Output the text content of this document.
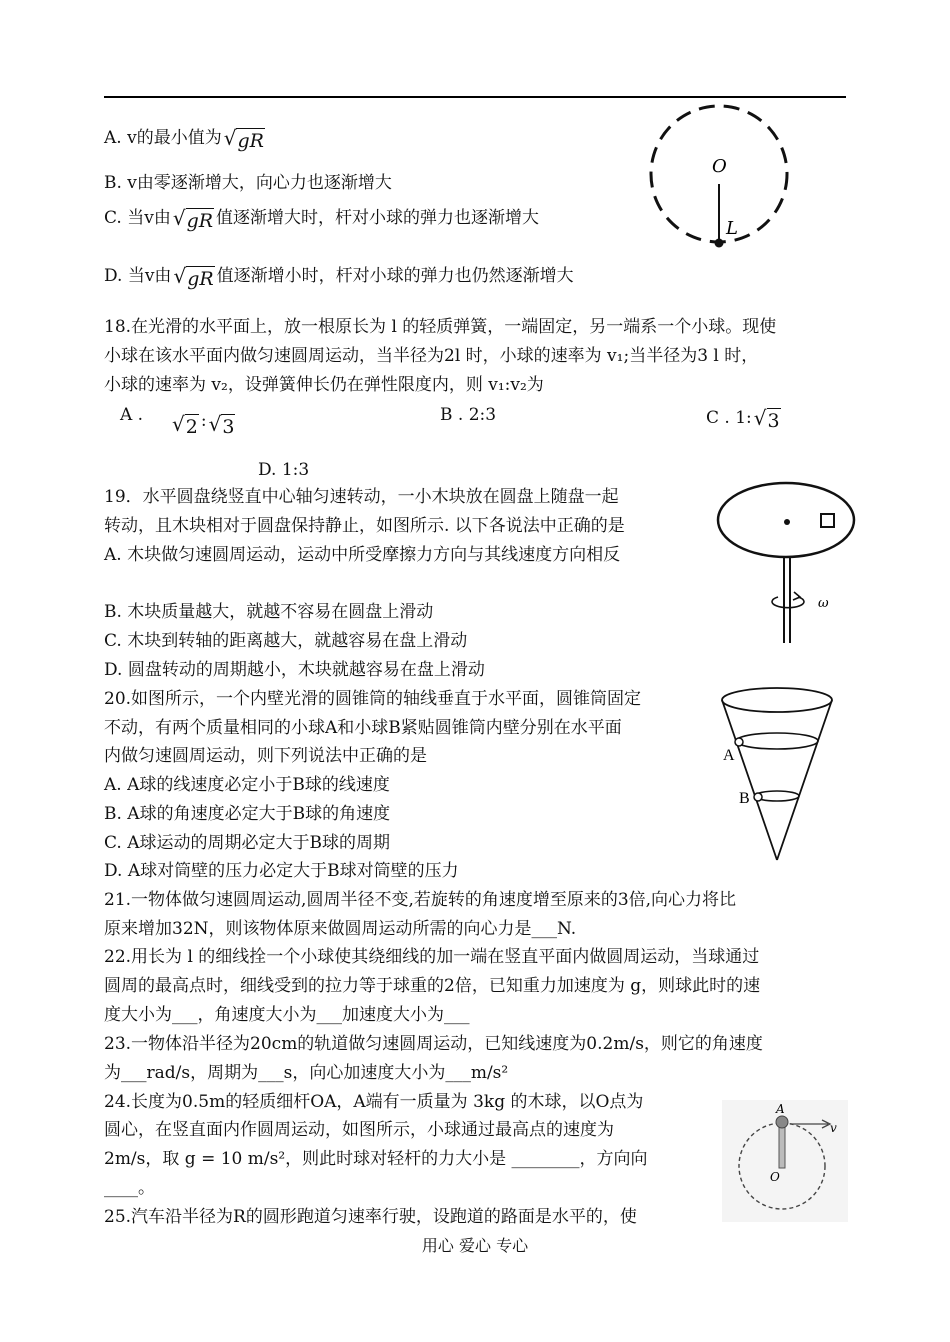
A. v的最小值为 √ gR
B. v由零逐渐增大，向心力也逐渐增大
C. 当v由 √ gR 值逐渐增大时，杆对小球的弹力也逐渐增大
D. 当v由 √ gR 值逐渐增小时，杆对小球的弹力也仍然逐渐增大
O
L
18.在光滑的水平面上，放一根原长为 l 的轻质弹簧，一端固定，另一端系一个小球。现使
小球在该水平面内做匀速圆周运动，当半径为2l 时，小球的速率为 v₁;当半径为3 l 时，
小球的速率为 v₂，设弹簧伸长仍在弹性限度内，则 v₁:v₂为
A . √ 2 : √ 3
B . 2:3	C . 1: √ 3
D. 1:3
19．水平圆盘绕竖直中心轴匀速转动，一小木块放在圆盘上随盘一起
转动，且木块相对于圆盘保持静止，如图所示. 以下各说法中正确的是
A. 木块做匀速圆周运动，运动中所受摩擦力方向与其线速度方向相反
B. 木块质量越大，就越不容易在圆盘上滑动
C. 木块到转轴的距离越大，就越容易在盘上滑动
D. 圆盘转动的周期越小，木块就越容易在盘上滑动
ω
20.如图所示，一个内壁光滑的圆锥筒的轴线垂直于水平面，圆锥筒固定
不动，有两个质量相同的小球A和小球B紧贴圆锥筒内壁分别在水平面
内做匀速圆周运动，则下列说法中正确的是
A. A球的线速度必定小于B球的线速度
B. A球的角速度必定大于B球的角速度
C. A球运动的周期必定大于B球的周期
D. A球对筒壁的压力必定大于B球对筒壁的压力
A
B
21.一物体做匀速圆周运动,圆周半径不变,若旋转的角速度增至原来的3倍,向心力将比
原来增加32N，则该物体原来做圆周运动所需的向心力是___N.
22.用长为 l 的细线拴一个小球使其绕细线的加一端在竖直平面内做圆周运动，当球通过
圆周的最高点时，细线受到的拉力等于球重的2倍，已知重力加速度为 g，则球此时的速
度大小为___，角速度大小为___加速度大小为___
23.一物体沿半径为20cm的轨道做匀速圆周运动，已知线速度为0.2m/s，则它的角速度
为___rad/s，周期为___s，向心加速度大小为___m/s²
24.长度为0.5m的轻质细杆OA，A端有一质量为 3kg 的木球，以O点为
圆心，在竖直面内作圆周运动，如图所示，小球通过最高点的速度为
2m/s，取 g = 10 m/s²，则此时球对轻杆的力大小是 ________，方向向
____。
A
O
v
25.汽车沿半径为R的圆形跑道匀速率行驶，设跑道的路面是水平的，使
用心 爱心 专心
